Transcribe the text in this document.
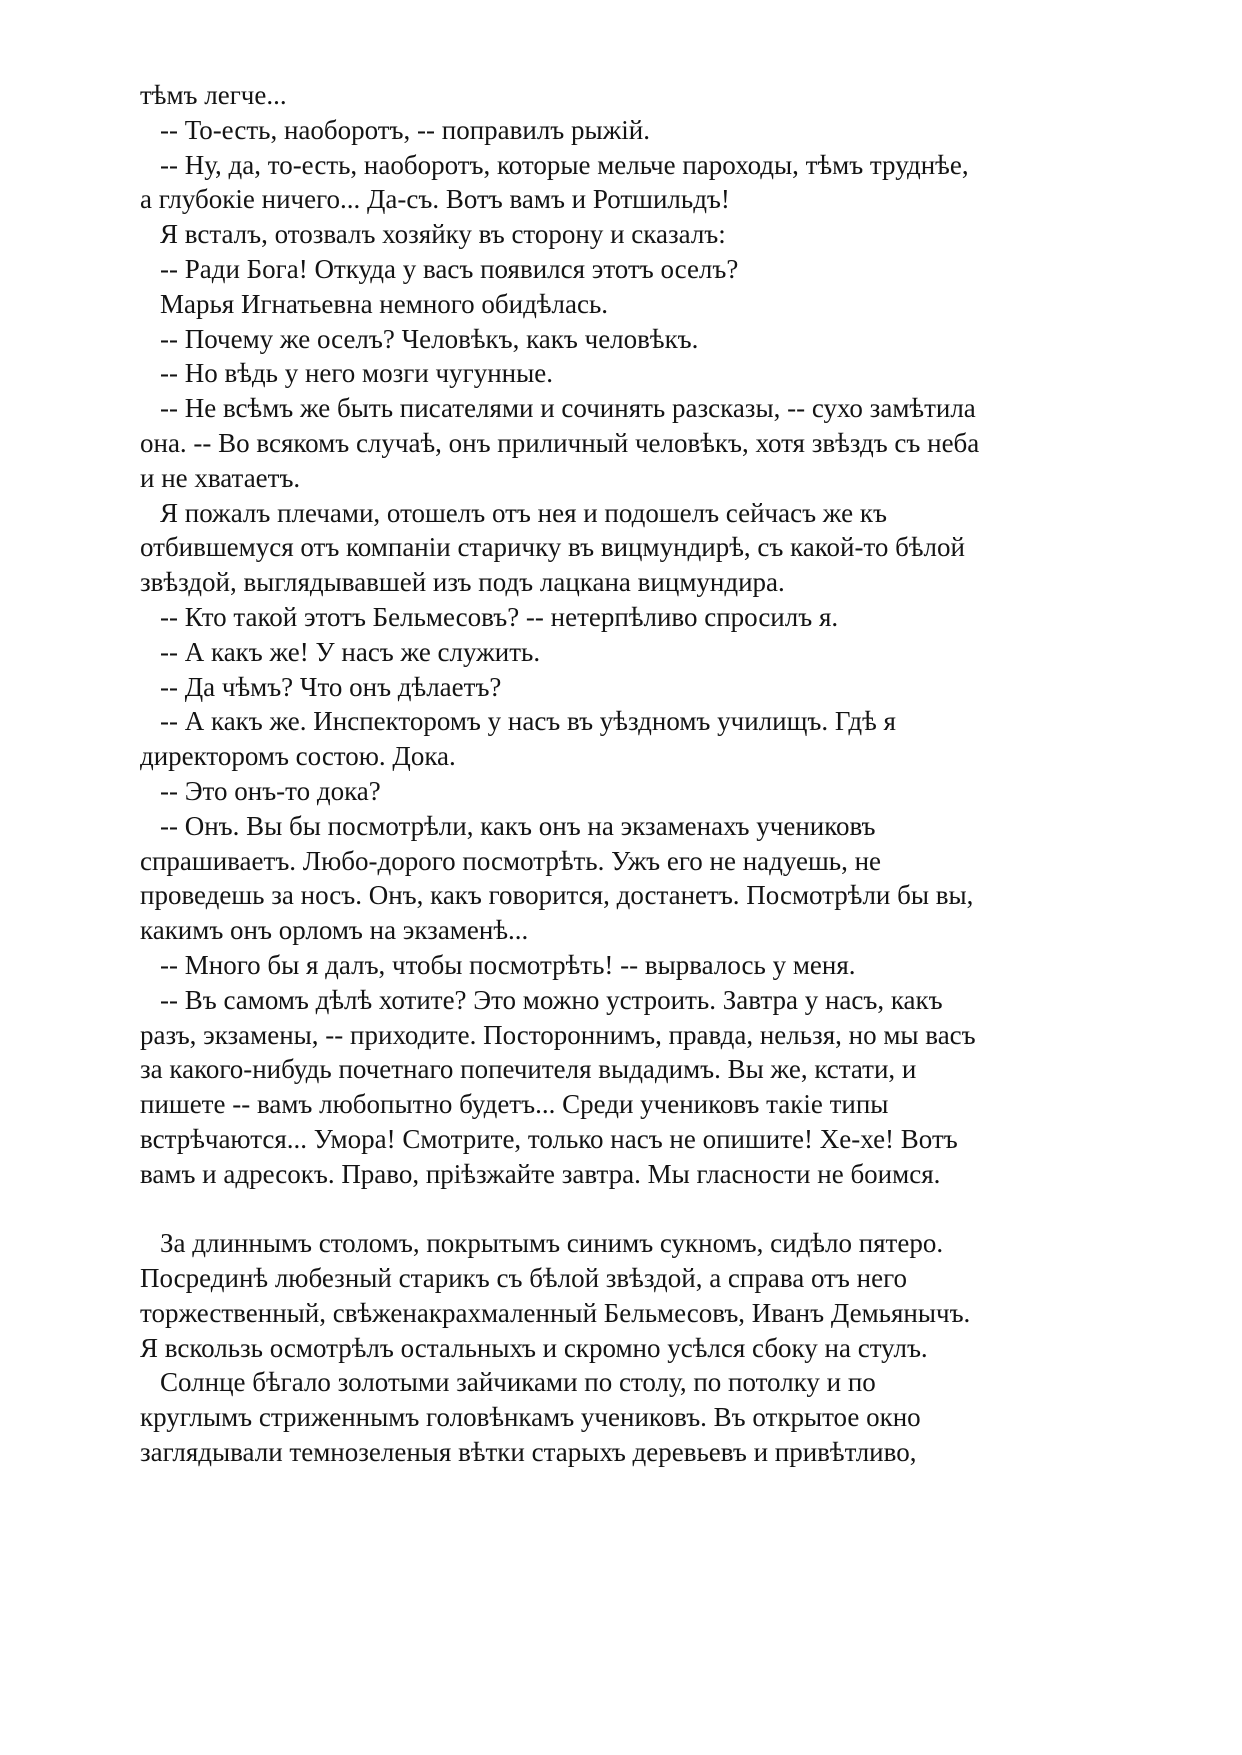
тѣмъ легче...
-- То-есть, наоборотъ, -- поправилъ рыжій.
-- Ну, да, то-есть, наоборотъ, которые мельче пароходы, тѣмъ труднѣе,
а глубокіе ничего... Да-съ. Вотъ вамъ и Ротшильдъ!
Я всталъ, отозвалъ хозяйку въ сторону и сказалъ:
-- Ради Бога! Откуда у васъ появился этотъ оселъ?
Марья Игнатьевна немного обидѣлась.
-- Почему же оселъ? Человѣкъ, какъ человѣкъ.
-- Но вѣдь у него мозги чугунные.
-- Не всѣмъ же быть писателями и сочинять разсказы, -- сухо замѣтила
она. -- Во всякомъ случаѣ, онъ приличный человѣкъ, хотя звѣздъ съ неба
и не хватаетъ.
Я пожалъ плечами, отошелъ отъ нея и подошелъ сейчасъ же къ
отбившемуся отъ компаніи старичку въ вицмундирѣ, съ какой-то бѣлой
звѣздой, выглядывавшей изъ подъ лацкана вицмундира.
-- Кто такой этотъ Бельмесовъ? -- нетерпѣливо спросилъ я.
-- А какъ же! У насъ же служить.
-- Да чѣмъ? Что онъ дѣлаетъ?
-- А какъ же. Инспекторомъ у насъ въ уѣздномъ училищъ. Гдѣ я
директоромъ состою. Дока.
-- Это онъ-то дока?
-- Онъ. Вы бы посмотрѣли, какъ онъ на экзаменахъ учениковъ
спрашиваетъ. Любо-дорого посмотрѣть. Ужъ его не надуешь, не
проведешь за носъ. Онъ, какъ говорится, достанетъ. Посмотрѣли бы вы,
какимъ онъ орломъ на экзаменѣ...
-- Много бы я далъ, чтобы посмотрѣть! -- вырвалось у меня.
-- Въ самомъ дѣлѣ хотите? Это можно устроить. Завтра у насъ, какъ
разъ, экзамены, -- приходите. Постороннимъ, правда, нельзя, но мы васъ
за какого-нибудь почетнаго попечителя выдадимъ. Вы же, кстати, и
пишете -- вамъ любопытно будетъ... Среди учениковъ такіе типы
встрѣчаются... Умора! Смотрите, только насъ не опишите! Хе-хе! Вотъ
вамъ и адресокъ. Право, пріѣзжайте завтра. Мы гласности не боимся.
За длиннымъ столомъ, покрытымъ синимъ сукномъ, сидѣло пятеро.
Посрединѣ любезный старикъ съ бѣлой звѣздой, а справа отъ него
торжественный, свѣженакрахмаленный Бельмесовъ, Иванъ Демьянычъ.
Я вскользь осмотрѣлъ остальныхъ и скромно усѣлся сбоку на стулъ.
Солнце бѣгало золотыми зайчиками по столу, по потолку и по
круглымъ стриженнымъ головѣнкамъ учениковъ. Въ открытое окно
заглядывали темнозеленыя вѣтки старыхъ деревьевъ и привѣтливо,
